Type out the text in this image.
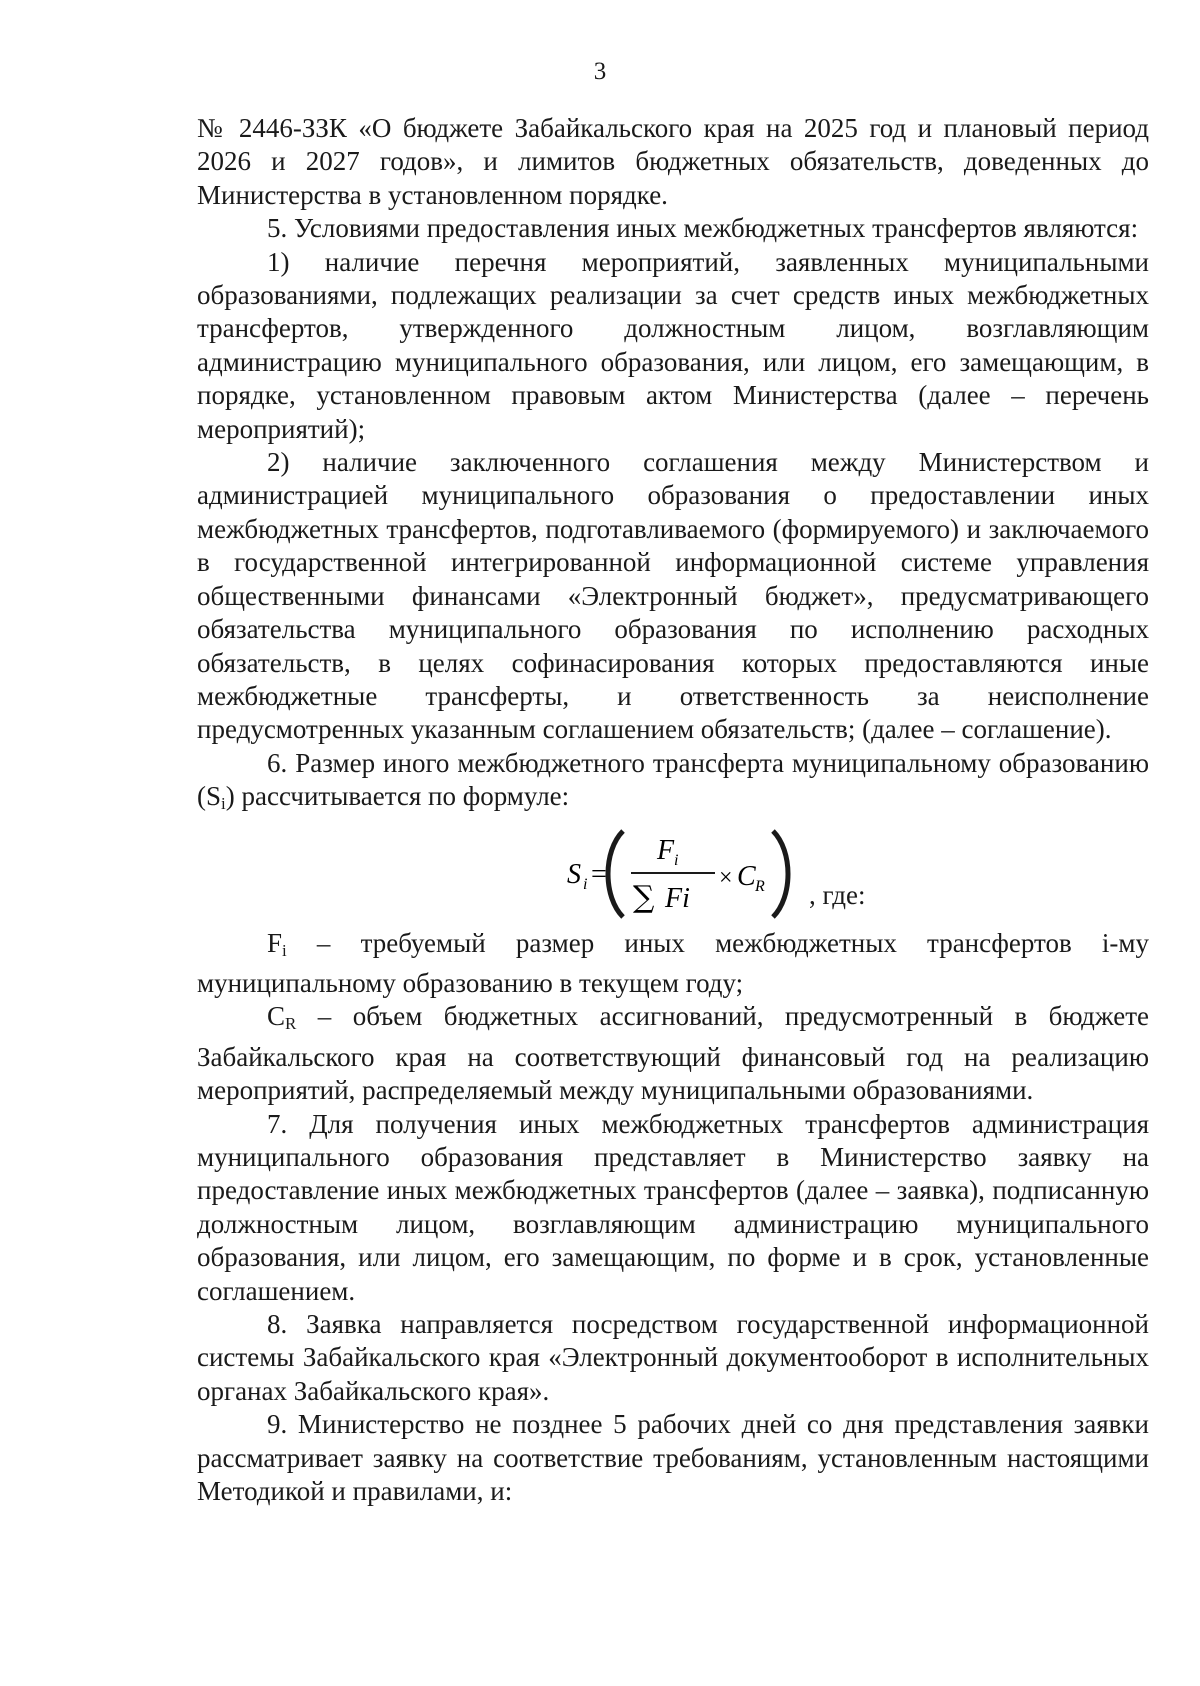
3

№ 2446-ЗЗК «О бюджете Забайкальского края на 2025 год и плановый период 2026 и 2027 годов», и лимитов бюджетных обязательств, доведенных до Министерства в установленном порядке.

5. Условиями предоставления иных межбюджетных трансфертов являются:

1) наличие перечня мероприятий, заявленных муниципальными образованиями, подлежащих реализации за счет средств иных межбюджетных трансфертов, утвержденного должностным лицом, возглавляющим администрацию муниципального образования, или лицом, его замещающим, в порядке, установленном правовым актом Министерства (далее – перечень мероприятий);

2) наличие заключенного соглашения между Министерством и администрацией муниципального образования о предоставлении иных межбюджетных трансфертов, подготавливаемого (формируемого) и заключаемого в государственной интегрированной информационной системе управления общественными финансами «Электронный бюджет», предусматривающего обязательства муниципального образования по исполнению расходных обязательств, в целях софинасирования которых предоставляются иные межбюджетные трансферты, и ответственность за неисполнение предусмотренных указанным соглашением обязательств; (далее – соглашение).

6. Размер иного межбюджетного трансферта муниципальному образованию $(S_i)$ рассчитывается по формуле:

S i =
F i
∑ Fi
× C R , где:

$F_i$ – требуемый размер иных межбюджетных трансфертов i-му муниципальному образованию в текущем году;

$C_R$ – объем бюджетных ассигнований, предусмотренный в бюджете Забайкальского края на соответствующий финансовый год на реализацию мероприятий, распределяемый между муниципальными образованиями.

7. Для получения иных межбюджетных трансфертов администрация муниципального образования представляет в Министерство заявку на предоставление иных межбюджетных трансфертов (далее – заявка), подписанную должностным лицом, возглавляющим администрацию муниципального образования, или лицом, его замещающим, по форме и в срок, установленные соглашением.

8. Заявка направляется посредством государственной информационной системы Забайкальского края «Электронный документооборот в исполнительных органах Забайкальского края».

9. Министерство не позднее 5 рабочих дней со дня представления заявки рассматривает заявку на соответствие требованиям, установленным настоящими Методикой и правилами, и:
